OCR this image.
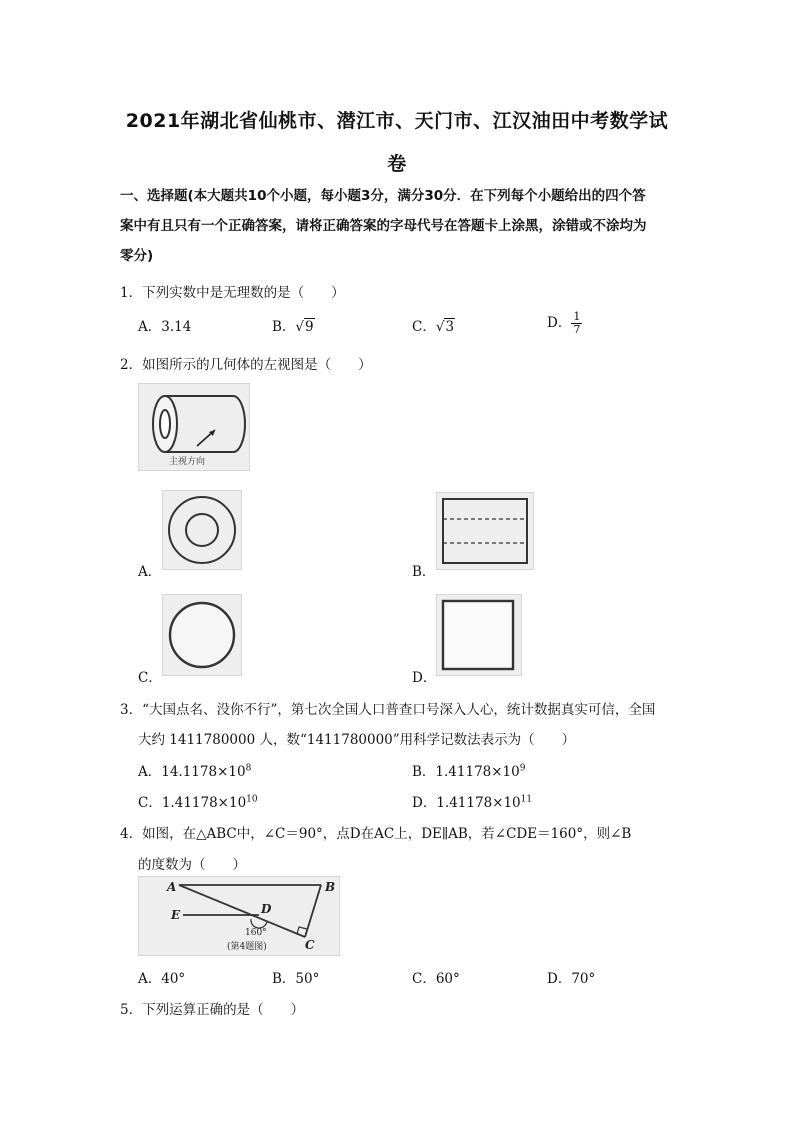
2021年湖北省仙桃市、潜江市、天门市、江汉油田中考数学试
卷
一、选择题(本大题共10个小题，每小题3分，满分30分．在下列每个小题给出的四个答
案中有且只有一个正确答案，请将正确答案的字母代号在答题卡上涂黑，涂错或不涂均为
零分)
1．下列实数中是无理数的是（　　）
A．3.14	B．√9	C．√3	D． $\frac{1}{7}$
2．如图所示的几何体的左视图是（　　）
主视方向
A．	B．
C．	D．
3．“大国点名、没你不行”，第七次全国人口普查口号深入人心，统计数据真实可信，全国
大约 1411780000 人，数“1411780000”用科学记数法表示为（　　）
A．$14.1178\times 10^8$	B．$1.41178\times 10^9$
C．$1.41178\times 10^{10}$	D．$1.41178\times 10^{11}$
4．如图，在△ABC中，∠C＝90°，点D在AC上，DE∥AB，若∠CDE＝160°，则∠B
的度数为（　　）
A	B
C
D
E
160°
(第4题图)
A．40°	B．50°	C．60°	D．70°
5．下列运算正确的是（　　）
